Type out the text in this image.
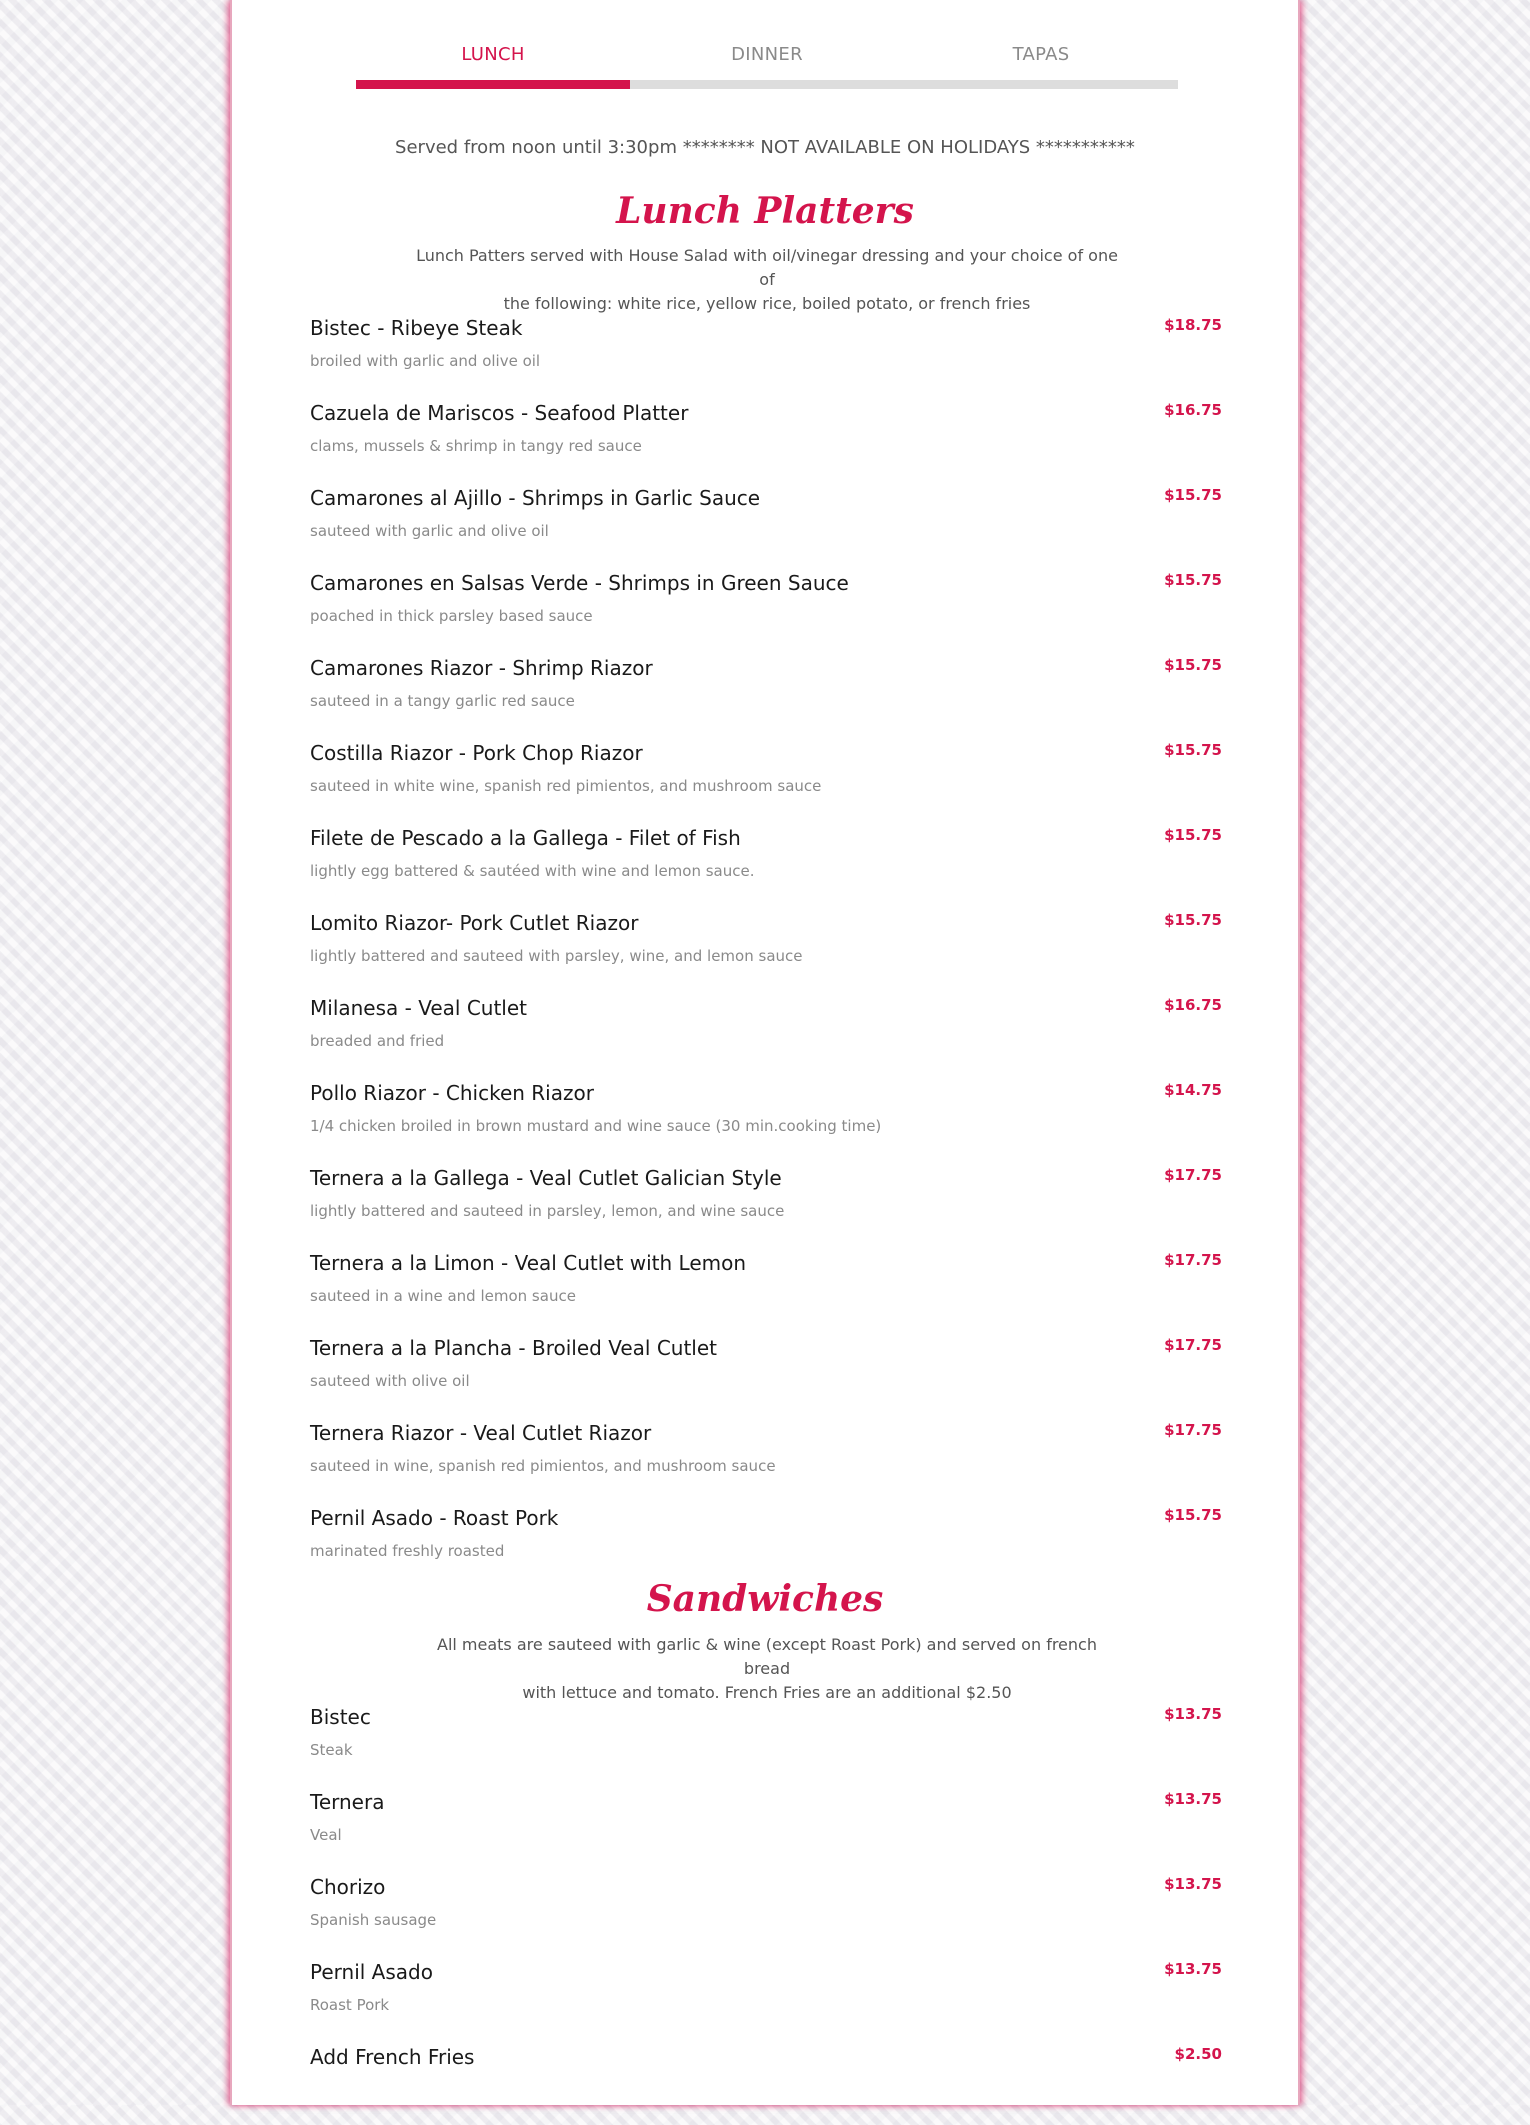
LUNCH	DINNER	TAPAS
Served from noon until 3:30pm ******** NOT AVAILABLE ON HOLIDAYS ***********
Lunch Platters
Lunch Patters served with House Salad with oil/vinegar dressing and your choice of one of
the following: white rice, yellow rice, boiled potato, or french fries
Bistec - Ribeye Steak
broiled with garlic and olive oil
$18.75
Cazuela de Mariscos - Seafood Platter
clams, mussels & shrimp in tangy red sauce
$16.75
Camarones al Ajillo - Shrimps in Garlic Sauce
sauteed with garlic and olive oil
$15.75
Camarones en Salsas Verde - Shrimps in Green Sauce
poached in thick parsley based sauce
$15.75
Camarones Riazor - Shrimp Riazor
sauteed in a tangy garlic red sauce
$15.75
Costilla Riazor - Pork Chop Riazor
sauteed in white wine, spanish red pimientos, and mushroom sauce
$15.75
Filete de Pescado a la Gallega - Filet of Fish
lightly egg battered & sautéed with wine and lemon sauce.
$15.75
Lomito Riazor- Pork Cutlet Riazor
lightly battered and sauteed with parsley, wine, and lemon sauce
$15.75
Milanesa - Veal Cutlet
breaded and fried
$16.75
Pollo Riazor - Chicken Riazor
1/4 chicken broiled in brown mustard and wine sauce (30 min.cooking time)
$14.75
Ternera a la Gallega - Veal Cutlet Galician Style
lightly battered and sauteed in parsley, lemon, and wine sauce
$17.75
Ternera a la Limon - Veal Cutlet with Lemon
sauteed in a wine and lemon sauce
$17.75
Ternera a la Plancha - Broiled Veal Cutlet
sauteed with olive oil
$17.75
Ternera Riazor - Veal Cutlet Riazor
sauteed in wine, spanish red pimientos, and mushroom sauce
$17.75
Pernil Asado - Roast Pork
marinated freshly roasted
$15.75
Sandwiches
All meats are sauteed with garlic & wine (except Roast Pork) and served on french bread
with lettuce and tomato. French Fries are an additional $2.50
Bistec
Steak
$13.75
Ternera
Veal
$13.75
Chorizo
Spanish sausage
$13.75
Pernil Asado
Roast Pork
$13.75
Add French Fries	$2.50
